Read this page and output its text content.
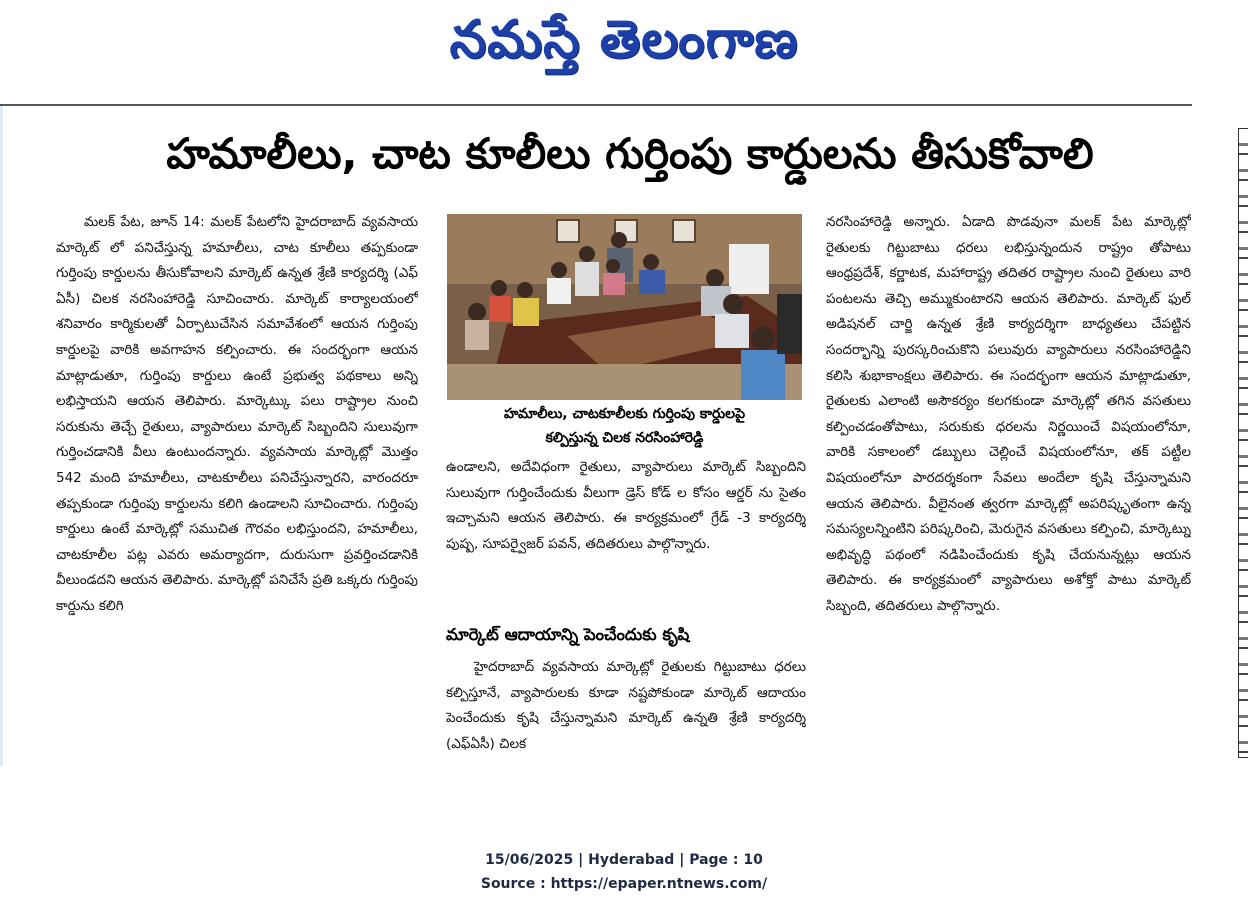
నమస్తే తెలంగాణ
హమాలీలు, చాట కూలీలు గుర్తింపు కార్డులను తీసుకోవాలి

మలక్ పేట, జూన్ 14: మలక్ పేటలోని హైదరాబాద్ వ్యవసాయ మార్కెట్ లో పనిచేస్తున్న హమాలీలు, చాట కూలీలు తప్పకుండా గుర్తింపు కార్డులను తీసుకోవాలని మార్కెట్ ఉన్నత శ్రేణి కార్యదర్శి (ఎఫ్ ఏసీ) చిలక నరసింహారెడ్డి సూచించారు. మార్కెట్ కార్యాలయంలో శనివారం కార్మికులతో ఏర్పాటుచేసిన సమావేశంలో ఆయన గుర్తింపు కార్డులపై వారికి అవగాహన కల్పించారు. ఈ సందర్భంగా ఆయన మాట్లాడుతూ, గుర్తింపు కార్డులు ఉంటే ప్రభుత్వ పథకాలు అన్ని లభిస్తాయని ఆయన తెలిపారు. మార్కెట్కు పలు రాష్ట్రాల నుంచి సరుకును తెచ్చే రైతులు, వ్యాపారులు మార్కెట్ సిబ్బందిని సులువుగా గుర్తించడానికి వీలు ఉంటుందన్నారు. వ్యవసాయ మార్కెట్లో మొత్తం 542 మంది హమాలీలు, చాటకూలీలు పనిచేస్తున్నారని, వారందరూ తప్పకుండా గుర్తింపు కార్డులను కలిగి ఉండాలని సూచించారు. గుర్తింపు కార్డులు ఉంటే మార్కెట్లో సముచిత గౌరవం లభిస్తుందని, హమాలీలు, చాటకూలీల పట్ల ఎవరు అమర్యాదగా, దురుసుగా ప్రవర్తించడానికి వీలుండదని ఆయన తెలిపారు. మార్కెట్లో పనిచేసే ప్రతి ఒక్కరు గుర్తింపు కార్డును కలిగి

హమాలీలు, చాటకూలీలకు గుర్తింపు కార్డులపై
కల్పిస్తున్న చిలక నరసింహారెడ్డి

ఉండాలని, అదేవిధంగా రైతులు, వ్యాపారులు మార్కెట్ సిబ్బందిని సులువుగా గుర్తించేందుకు వీలుగా డ్రెస్ కోడ్ ల కోసం ఆర్డర్ ను సైతం ఇచ్చామని ఆయన తెలిపారు. ఈ కార్యక్రమంలో గ్రేడ్ -3 కార్యదర్శి పుష్ప, సూపర్వైజర్ పవన్, తదితరులు పాల్గొన్నారు.

మార్కెట్ ఆదాయాన్ని పెంచేందుకు కృషి

హైదరాబాద్ వ్యవసాయ మార్కెట్లో రైతులకు గిట్టుబాటు ధరలు కల్పిస్తూనే, వ్యాపారులకు కూడా నష్టపోకుండా మార్కెట్ ఆదాయం పెంచేందుకు కృషి చేస్తున్నామని మార్కెట్ ఉన్నతి శ్రేణి కార్యదర్శి (ఎఫ్ఏసీ) చిలక

నరసింహారెడ్డి అన్నారు. ఏడాది పొడవునా మలక్ పేట మార్కెట్లో రైతులకు గిట్టుబాటు ధరలు లభిస్తున్నందున రాష్ట్రం తోపాటు ఆంధ్రప్రదేశ్, కర్ణాటక, మహారాష్ట్ర తదితర రాష్ట్రాల నుంచి రైతులు వారి పంటలను తెచ్చి అమ్ముకుంటారని ఆయన తెలిపారు. మార్కెట్ ఫుల్ అడిషనల్ చార్జి ఉన్నత శ్రేణి కార్యదర్శిగా బాధ్యతలు చేపట్టిన సందర్భాన్ని పురస్కరించుకొని పలువురు వ్యాపారులు నరసింహారెడ్డిని కలిసి శుభాకాంక్షలు తెలిపారు. ఈ సందర్భంగా ఆయన మాట్లాడుతూ, రైతులకు ఎలాంటి అసౌకర్యం కలగకుండా మార్కెట్లో తగిన వసతులు కల్పించడంతోపాటు, సరుకుకు ధరలను నిర్ణయించే విషయంలోనూ, వారికి సకాలంలో డబ్బులు చెల్లించే విషయంలోనూ, తక్ పట్టీల విషయంలోనూ పారదర్శకంగా సేవలు అందేలా కృషి చేస్తున్నామని ఆయన తెలిపారు. వీలైనంత త్వరగా మార్కెట్లో అపరిష్కృతంగా ఉన్న సమస్యలన్నింటిని పరిష్కరించి, మెరుగైన వసతులు కల్పించి, మార్కెట్ను అభివృద్ధి పథంలో నడిపించేందుకు కృషి చేయనున్నట్లు ఆయన తెలిపారు. ఈ కార్యక్రమంలో వ్యాపారులు అశోక్తో పాటు మార్కెట్ సిబ్బంది, తదితరులు పాల్గొన్నారు.

15/06/2025 | Hyderabad | Page : 10
Source : https://epaper.ntnews.com/
